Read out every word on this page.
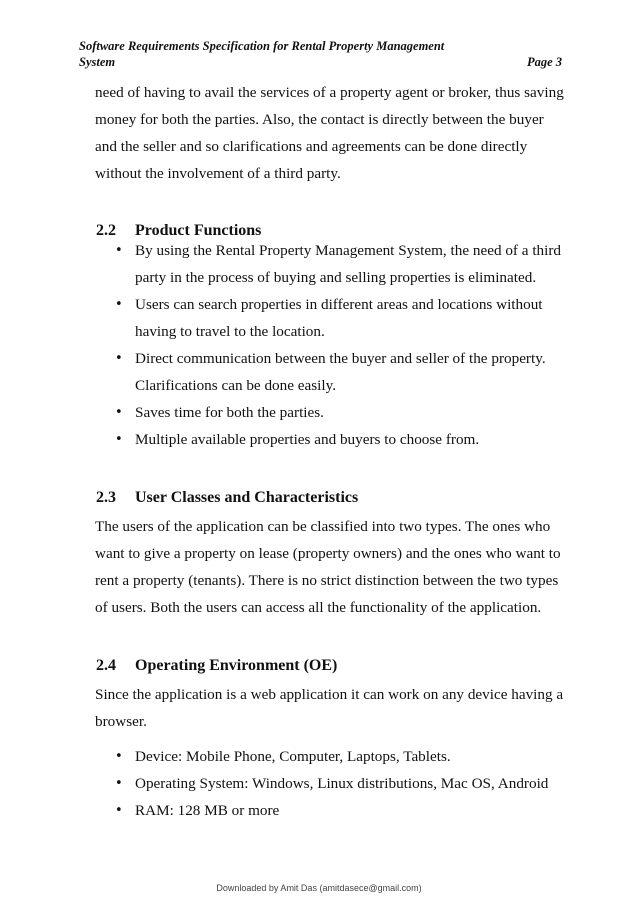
Software Requirements Specification for Rental Property Management
System	Page 3
need of having to avail the services of a property agent or broker, thus saving
money for both the parties. Also, the contact is directly between the buyer
and the seller and so clarifications and agreements can be done directly
without the involvement of a third party.
2.2 Product Functions
• By using the Rental Property Management System, the need of a third
party in the process of buying and selling properties is eliminated.
• Users can search properties in different areas and locations without
having to travel to the location.
• Direct communication between the buyer and seller of the property.
Clarifications can be done easily.
• Saves time for both the parties.
• Multiple available properties and buyers to choose from.
2.3 User Classes and Characteristics
The users of the application can be classified into two types. The ones who
want to give a property on lease (property owners) and the ones who want to
rent a property (tenants). There is no strict distinction between the two types
of users. Both the users can access all the functionality of the application.
2.4 Operating Environment (OE)
Since the application is a web application it can work on any device having a
browser.
• Device: Mobile Phone, Computer, Laptops, Tablets.
• Operating System: Windows, Linux distributions, Mac OS, Android
• RAM: 128 MB or more
Downloaded by Amit Das (amitdasece@gmail.com)
